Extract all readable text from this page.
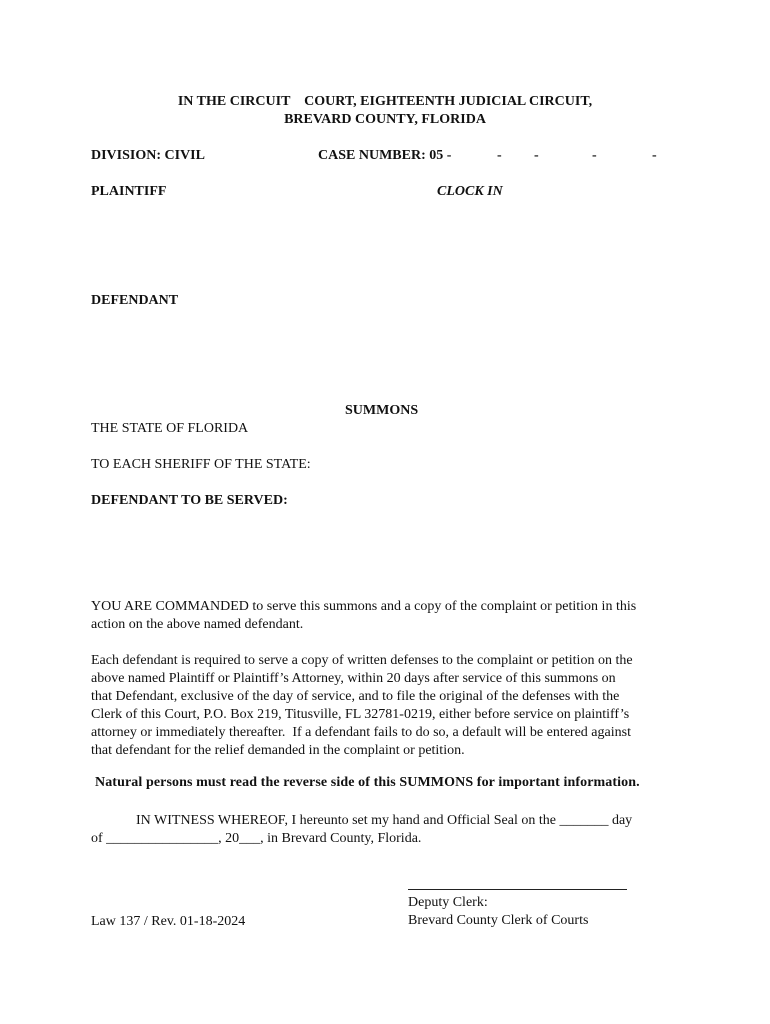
IN THE CIRCUIT    COURT, EIGHTEENTH JUDICIAL CIRCUIT,
BREVARD COUNTY, FLORIDA
DIVISION: CIVIL	CASE NUMBER: 05 -	- -	-	-
PLAINTIFF	CLOCK IN
DEFENDANT
SUMMONS
THE STATE OF FLORIDA
TO EACH SHERIFF OF THE STATE:
DEFENDANT TO BE SERVED:
YOU ARE COMMANDED to serve this summons and a copy of the complaint or petition in this
action on the above named defendant.
Each defendant is required to serve a copy of written defenses to the complaint or petition on the
above named Plaintiff or Plaintiff’s Attorney, within 20 days after service of this summons on
that Defendant, exclusive of the day of service, and to file the original of the defenses with the
Clerk of this Court, P.O. Box 219, Titusville, FL 32781-0219, either before service on plaintiff’s
attorney or immediately thereafter.  If a defendant fails to do so, a default will be entered against
that defendant for the relief demanded in the complaint or petition.
Natural persons must read the reverse side of this SUMMONS for important information.
IN WITNESS WHEREOF, I hereunto set my hand and Official Seal on the _______ day
of ________________, 20___, in Brevard County, Florida.
Deputy Clerk:
Brevard County Clerk of Courts
Law 137 / Rev. 01-18-2024
